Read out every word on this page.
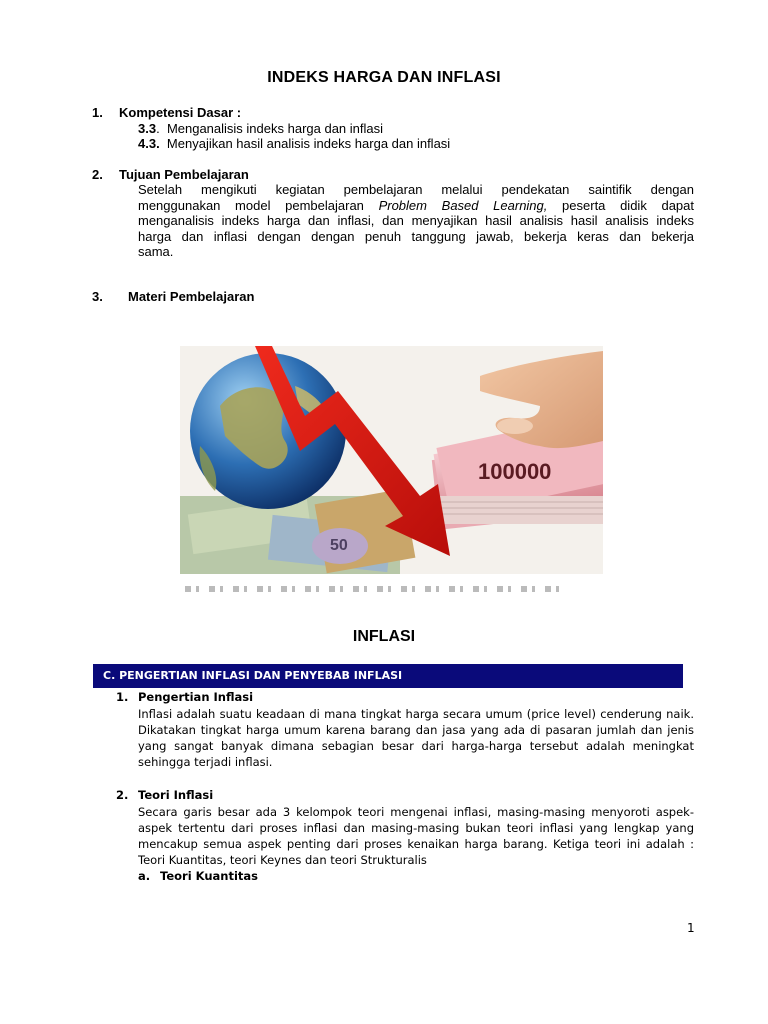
INDEKS HARGA DAN INFLASI
1. Kompetensi Dasar :
3.3. Menganalisis indeks harga dan inflasi
4.3. Menyajikan hasil analisis indeks harga dan inflasi
2. Tujuan Pembelajaran
Setelah mengikuti kegiatan pembelajaran melalui pendekatan saintifik dengan
menggunakan model pembelajaran Problem Based Learning, peserta didik dapat
menganalisis indeks harga dan inflasi, dan menyajikan hasil analisis hasil analisis indeks
harga dan inflasi dengan dengan penuh tanggung jawab, bekerja keras dan bekerja
sama.
3. Materi Pembelajaran
50
100000
INFLASI
C. PENGERTIAN INFLASI DAN PENYEBAB INFLASI
1. Pengertian Inflasi
Inflasi adalah suatu keadaan di mana tingkat harga secara umum (price level) cenderung naik.
Dikatakan tingkat harga umum karena barang dan jasa yang ada di pasaran jumlah dan jenis
yang sangat banyak dimana sebagian besar dari harga-harga tersebut adalah meningkat
sehingga terjadi inflasi.
2. Teori Inflasi
Secara garis besar ada 3 kelompok teori mengenai inflasi, masing-masing menyoroti aspek-
aspek tertentu dari proses inflasi dan masing-masing bukan teori inflasi yang lengkap yang
mencakup semua aspek penting dari proses kenaikan harga barang. Ketiga teori ini adalah :
Teori Kuantitas, teori Keynes dan teori Strukturalis
a. Teori Kuantitas
1
